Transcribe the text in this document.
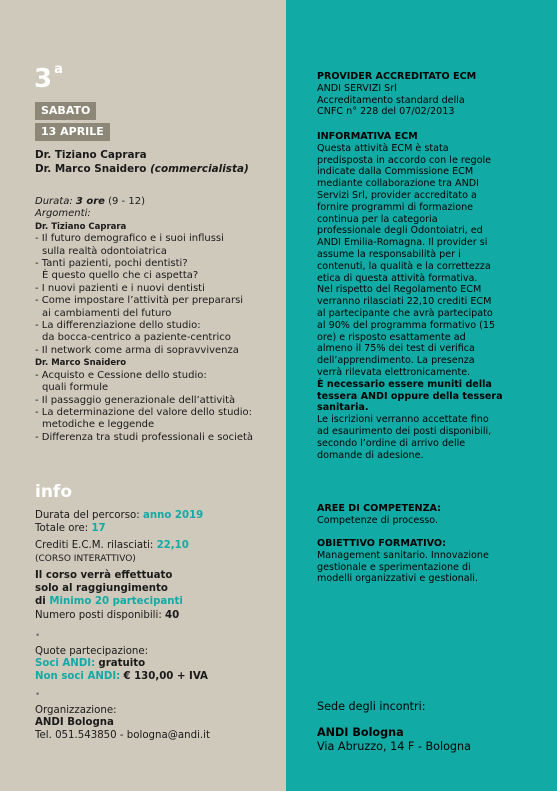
3 $^a$
SABATO
13 APRILE
Dr. Tiziano Caprara
Dr. Marco Snaidero (commercialista)
Durata: 3 ore (9 - 12)
Argomenti:
Dr. Tiziano Caprara
- Il futuro demografico e i suoi influssi
sulla realtà odontoiatrica
- Tanti pazienti, pochi dentisti?
È questo quello che ci aspetta?
- I nuovi pazienti e i nuovi dentisti
- Come impostare l’attività per prepararsi
ai cambiamenti del futuro
- La differenziazione dello studio:
da bocca-centrico a paziente-centrico
- Il network come arma di sopravvivenza
Dr. Marco Snaidero
- Acquisto e Cessione dello studio:
quali formule
- Il passaggio generazionale dell’attività
- La determinazione del valore dello studio:
metodiche e leggende
- Differenza tra studi professionali e società
info
Durata del percorso: anno 2019
Totale ore: 17
Crediti E.C.M. rilasciati: 22,10
(CORSO INTERATTIVO)
Il corso verrà effettuato
solo al raggiungimento
di Minimo 20 partecipanti
Numero posti disponibili: 40
•
Quote partecipazione:
Soci ANDI: gratuito
Non soci ANDI: € 130,00 + IVA
•
Organizzazione:
ANDI Bologna
Tel. 051.543850 - bologna@andi.it
PROVIDER ACCREDITATO ECM
ANDI SERVIZI Srl
Accreditamento standard della
CNFC n° 228 del 07/02/2013
INFORMATIVA ECM
Questa attività ECM è stata
predisposta in accordo con le regole
indicate dalla Commissione ECM
mediante collaborazione tra ANDI
Servizi Srl, provider accreditato a
fornire programmi di formazione
continua per la categoria
professionale degli Odontoiatri, ed
ANDI Emilia-Romagna. Il provider si
assume la responsabilità per i
contenuti, la qualità e la correttezza
etica di questa attività formativa.
Nel rispetto del Regolamento ECM
verranno rilasciati 22,10 crediti ECM
al partecipante che avrà partecipato
al 90% del programma formativo (15
ore) e risposto esattamente ad
almeno il 75% dei test di verifica
dell’apprendimento. La presenza
verrà rilevata elettronicamente.
È necessario essere muniti della
tessera ANDI oppure della tessera
sanitaria.
Le iscrizioni verranno accettate fino
ad esaurimento dei posti disponibili,
secondo l’ordine di arrivo delle
domande di adesione.
AREE DI COMPETENZA:
Competenze di processo.
OBIETTIVO FORMATIVO:
Management sanitario. Innovazione
gestionale e sperimentazione di
modelli organizzativi e gestionali.
Sede degli incontri:
ANDI Bologna
Via Abruzzo, 14 F - Bologna
